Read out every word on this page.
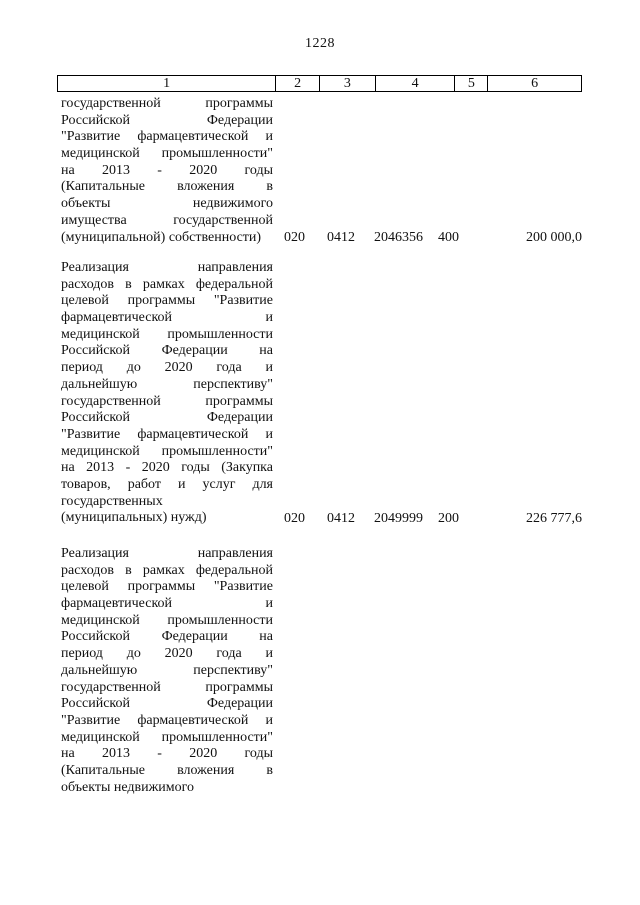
1228
1	2	3	4	5	6
государственной программы
Российской Федерации
"Развитие фармацевтической и
медицинской промышленности"
на 2013 - 2020 годы
(Капитальные вложения в
объекты недвижимого
имущества государственной
(муниципальной) собственности)	020 0412 2046356 400	200 000,0
Реализация направления
расходов в рамках федеральной
целевой программы "Развитие
фармацевтической и
медицинской промышленности
Российской Федерации на
период до 2020 года и
дальнейшую перспективу"
государственной программы
Российской Федерации
"Развитие фармацевтической и
медицинской промышленности"
на 2013 - 2020 годы (Закупка
товаров, работ и услуг для
государственных
(муниципальных) нужд)	020 0412 2049999 200	226 777,6
Реализация направления
расходов в рамках федеральной
целевой программы "Развитие
фармацевтической и
медицинской промышленности
Российской Федерации на
период до 2020 года и
дальнейшую перспективу"
государственной программы
Российской Федерации
"Развитие фармацевтической и
медицинской промышленности"
на 2013 - 2020 годы
(Капитальные вложения в
объекты недвижимого
